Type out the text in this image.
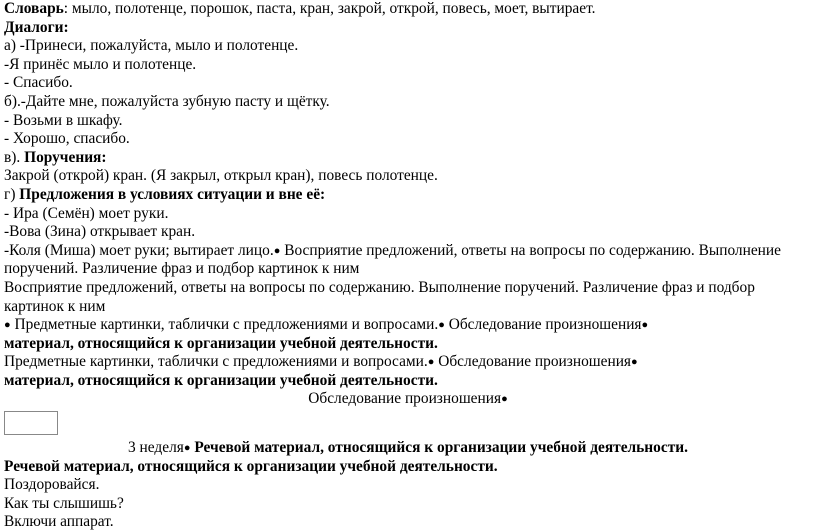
Словарь: мыло, полотенце, порошок, паста, кран, закрой, открой, повесь, моет, вытирает.
Диалоги:
а) -Принеси, пожалуйста, мыло и полотенце.
-Я принёс мыло и полотенце.
- Спасибо.
б).-Дайте мне, пожалуйста зубную пасту и щётку.
- Возьми в шкафу.
- Хорошо, спасибо.
в). Поручения:
Закрой (открой) кран. (Я закрыл, открыл кран), повесь полотенце.
г) Предложения в условиях ситуации и вне её:
- Ира (Семён) моет руки.
-Вова (Зина) открывает кран.
-Коля (Миша) моет руки; вытирает лицо.● Восприятие предложений, ответы на вопросы по содержанию. Выполнение поручений. Различение фраз и подбор картинок к ним
Восприятие предложений, ответы на вопросы по содержанию. Выполнение поручений. Различение фраз и подбор картинок к ним
● Предметные картинки, таблички с предложениями и вопросами.● Обследование произношения●
материал, относящийся к организации учебной деятельности.
Предметные картинки, таблички с предложениями и вопросами.● Обследование произношения●
материал, относящийся к организации учебной деятельности.
Обследование произношения●
3 неделя● Речевой материал, относящийся к организации учебной деятельности.
Речевой материал, относящийся к организации учебной деятельности.
Поздоровайся.
Как ты слышишь?
Включи аппарат.
